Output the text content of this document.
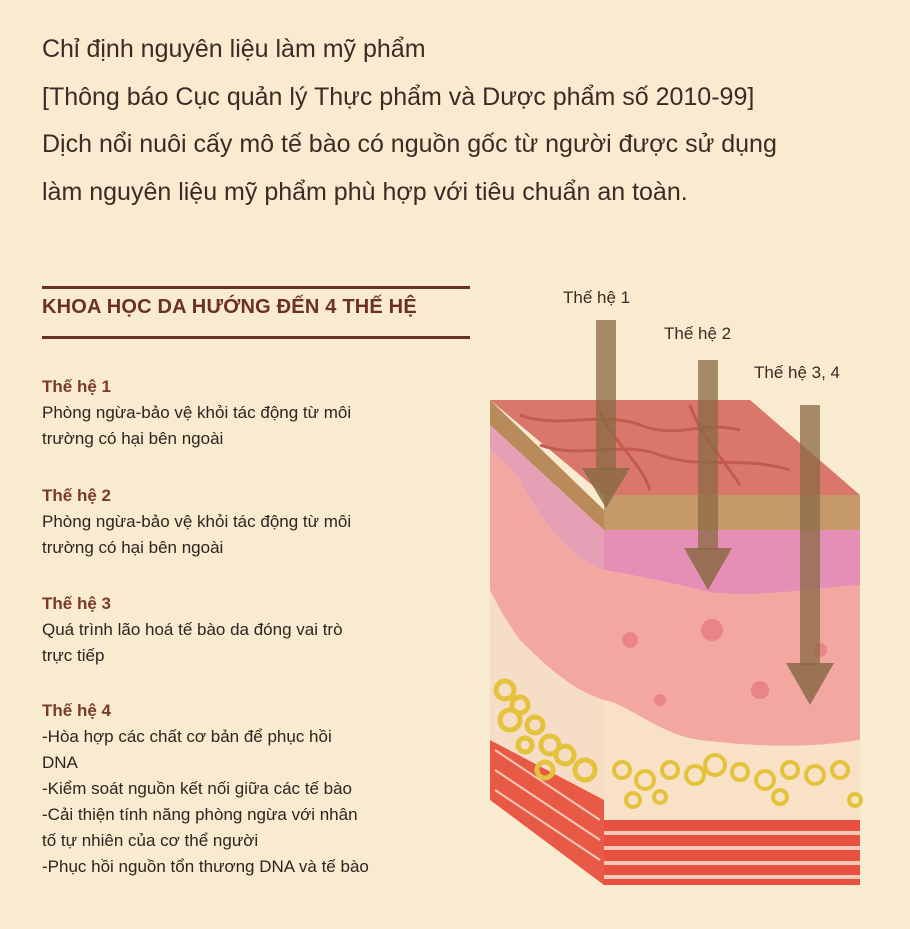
Chỉ định nguyên liệu làm mỹ phẩm
[Thông báo Cục quản lý Thực phẩm và Dược phẩm số 2010-99]
Dịch nổi nuôi cấy mô tế bào có nguồn gốc từ người được sử dụng
làm nguyên liệu mỹ phẩm phù hợp với tiêu chuẩn an toàn.
KHOA HỌC DA HƯỚNG ĐẾN 4 THẾ HỆ
Thế hệ 1
Phòng ngừa-bảo vệ khỏi tác động từ môi
trường có hại bên ngoài
Thế hệ 2
Phòng ngừa-bảo vệ khỏi tác động từ môi
trường có hại bên ngoài
Thế hệ 3
Quá trình lão hoá tế bào da đóng vai trò
trực tiếp
Thế hệ 4
-Hòa hợp các chất cơ bản để phục hồi
DNA
-Kiểm soát nguồn kết nối giữa các tế bào
-Cải thiện tính năng phòng ngừa với nhân
tố tự nhiên của cơ thể người
-Phục hồi nguồn tổn thương DNA và tế bào
Thế hệ 1
Thế hệ 2
Thế hệ 3, 4
